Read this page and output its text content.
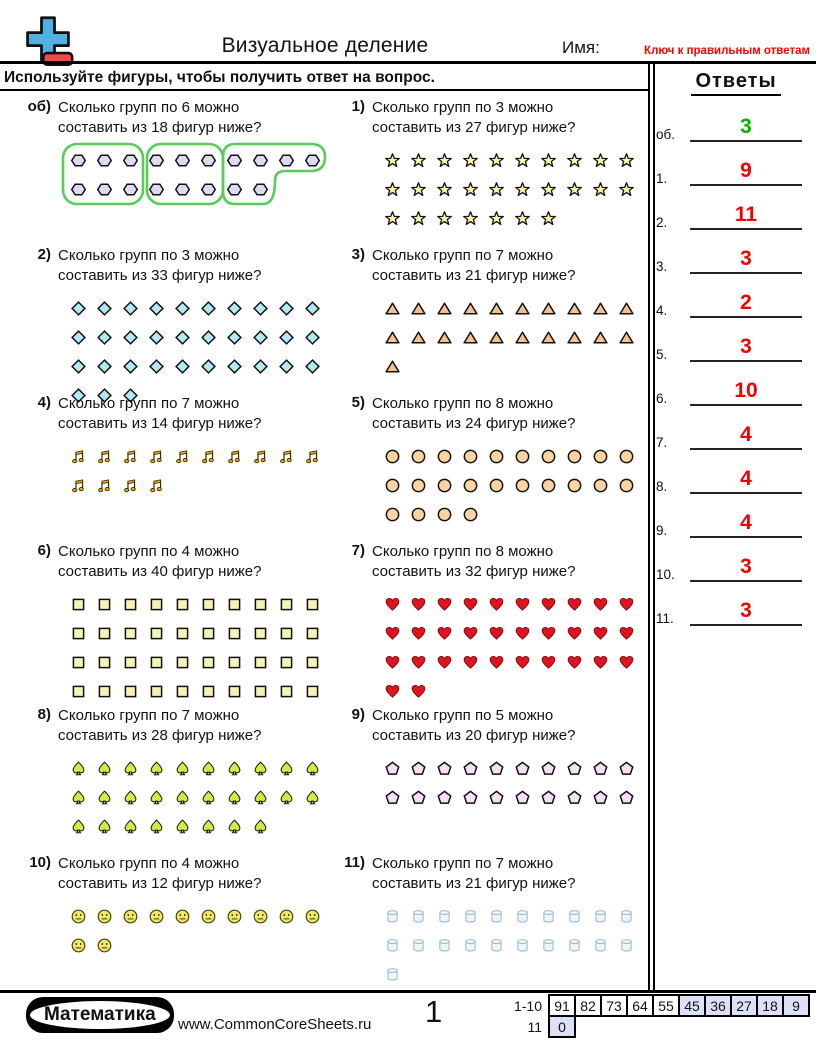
Визуальное деление	Имя:	Ключ к правильным ответам
Используйте фигуры, чтобы получить ответ на вопрос.	Ответы
об.	3
1.	9
2.	11
3.	3
4.	2
5.	3
6.	10
7.	4
8.	4
9.	4
10.	3
11.	3
об) Сколько групп по 6 можно
составить из 18 фигур ниже?
1) Сколько групп по 3 можно
составить из 27 фигур ниже?
2) Сколько групп по 3 можно
составить из 33 фигур ниже?
3) Сколько групп по 7 можно
составить из 21 фигур ниже?
4) Сколько групп по 7 можно
составить из 14 фигур ниже?
5) Сколько групп по 8 можно
составить из 24 фигур ниже?
6) Сколько групп по 4 можно
составить из 40 фигур ниже?
7) Сколько групп по 8 можно
составить из 32 фигур ниже?
8) Сколько групп по 7 можно
составить из 28 фигур ниже?
9) Сколько групп по 5 можно
составить из 20 фигур ниже?
10) Сколько групп по 4 можно
составить из 12 фигур ниже?
11) Сколько групп по 7 можно
составить из 21 фигур ниже?
Математика	www.CommonCoreSheets.ru 1	1-10	91	82	73	64	55	45	36	27	18	9
11	0									
